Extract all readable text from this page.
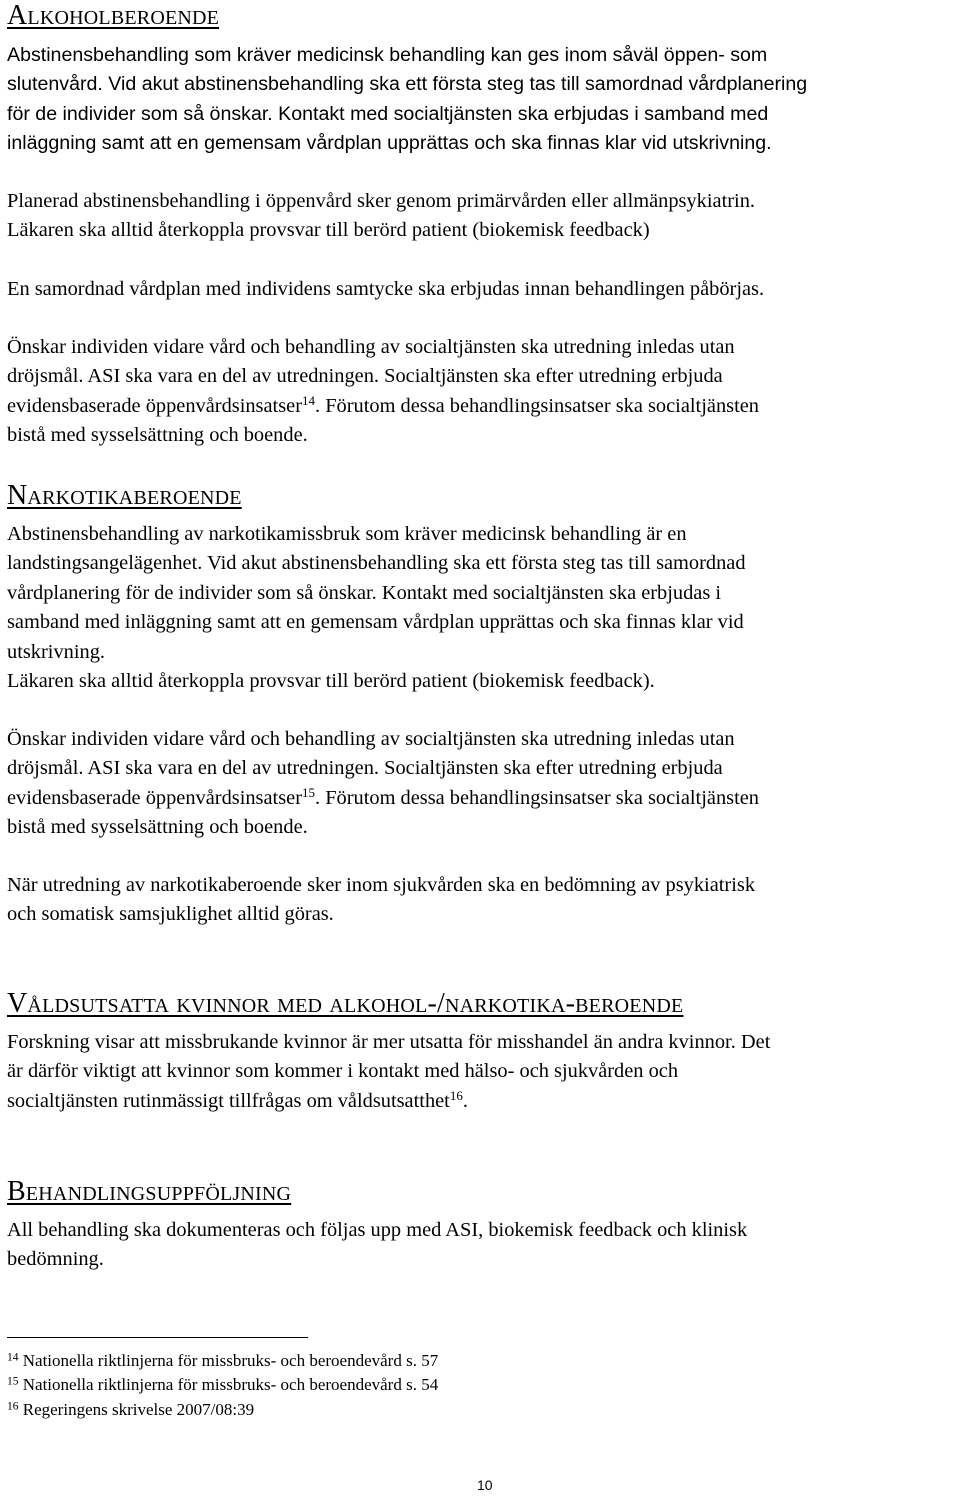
Alkoholberoende
Abstinensbehandling som kräver medicinsk behandling kan ges inom såväl öppen- som
slutenvård. Vid akut abstinensbehandling ska ett första steg tas till samordnad vårdplanering
för de individer som så önskar. Kontakt med socialtjänsten ska erbjudas i samband med
inläggning samt att en gemensam vårdplan upprättas och ska finnas klar vid utskrivning.
Planerad abstinensbehandling i öppenvård sker genom primärvården eller allmänpsykiatrin.
Läkaren ska alltid återkoppla provsvar till berörd patient (biokemisk feedback)
En samordnad vårdplan med individens samtycke ska erbjudas innan behandlingen påbörjas.
Önskar individen vidare vård och behandling av socialtjänsten ska utredning inledas utan
dröjsmål. ASI ska vara en del av utredningen. Socialtjänsten ska efter utredning erbjuda
evidensbaserade öppenvårdsinsatser$^{14}$. Förutom dessa behandlingsinsatser ska socialtjänsten
bistå med sysselsättning och boende.
Narkotikaberoende
Abstinensbehandling av narkotikamissbruk som kräver medicinsk behandling är en
landstingsangelägenhet. Vid akut abstinensbehandling ska ett första steg tas till samordnad
vårdplanering för de individer som så önskar. Kontakt med socialtjänsten ska erbjudas i
samband med inläggning samt att en gemensam vårdplan upprättas och ska finnas klar vid
utskrivning.
Läkaren ska alltid återkoppla provsvar till berörd patient (biokemisk feedback).
Önskar individen vidare vård och behandling av socialtjänsten ska utredning inledas utan
dröjsmål. ASI ska vara en del av utredningen. Socialtjänsten ska efter utredning erbjuda
evidensbaserade öppenvårdsinsatser$^{15}$. Förutom dessa behandlingsinsatser ska socialtjänsten
bistå med sysselsättning och boende.
När utredning av narkotikaberoende sker inom sjukvården ska en bedömning av psykiatrisk
och somatisk samsjuklighet alltid göras.
Våldsutsatta kvinnor med alkohol-/narkotika-beroende
Forskning visar att missbrukande kvinnor är mer utsatta för misshandel än andra kvinnor. Det
är därför viktigt att kvinnor som kommer i kontakt med hälso- och sjukvården och
socialtjänsten rutinmässigt tillfrågas om våldsutsatthet$^{16}$.
Behandlingsuppföljning
All behandling ska dokumenteras och följas upp med ASI, biokemisk feedback och klinisk
bedömning.
$^{14}$ Nationella riktlinjerna för missbruks- och beroendevård s. 57
$^{15}$ Nationella riktlinjerna för missbruks- och beroendevård s. 54
$^{16}$ Regeringens skrivelse 2007/08:39
10
